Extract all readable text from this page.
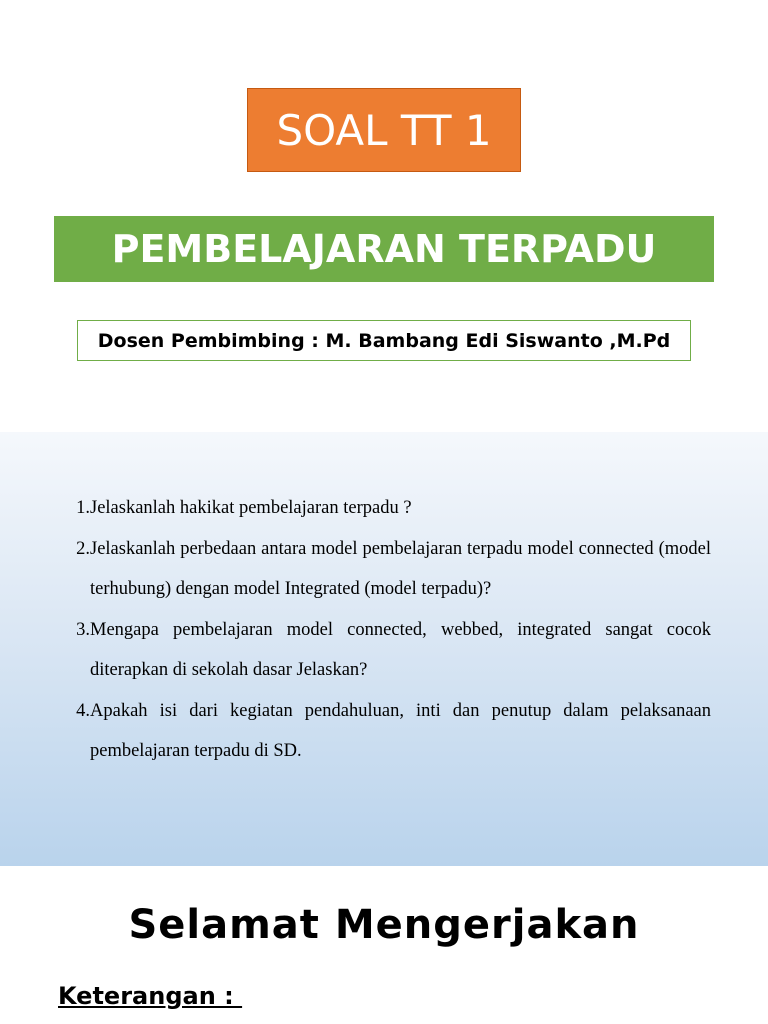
SOAL TT 1
PEMBELAJARAN TERPADU
Dosen Pembimbing : M. Bambang Edi Siswanto ,M.Pd
1. Jelaskanlah hakikat pembelajaran terpadu ?
2. Jelaskanlah perbedaan antara model pembelajaran terpadu model connected (model terhubung) dengan model Integrated (model terpadu)?
3. Mengapa pembelajaran model connected, webbed, integrated sangat cocok diterapkan di sekolah dasar Jelaskan?
4. Apakah isi dari kegiatan pendahuluan, inti dan penutup dalam pelaksanaan pembelajaran terpadu di SD.
Selamat Mengerjakan
Keterangan :
